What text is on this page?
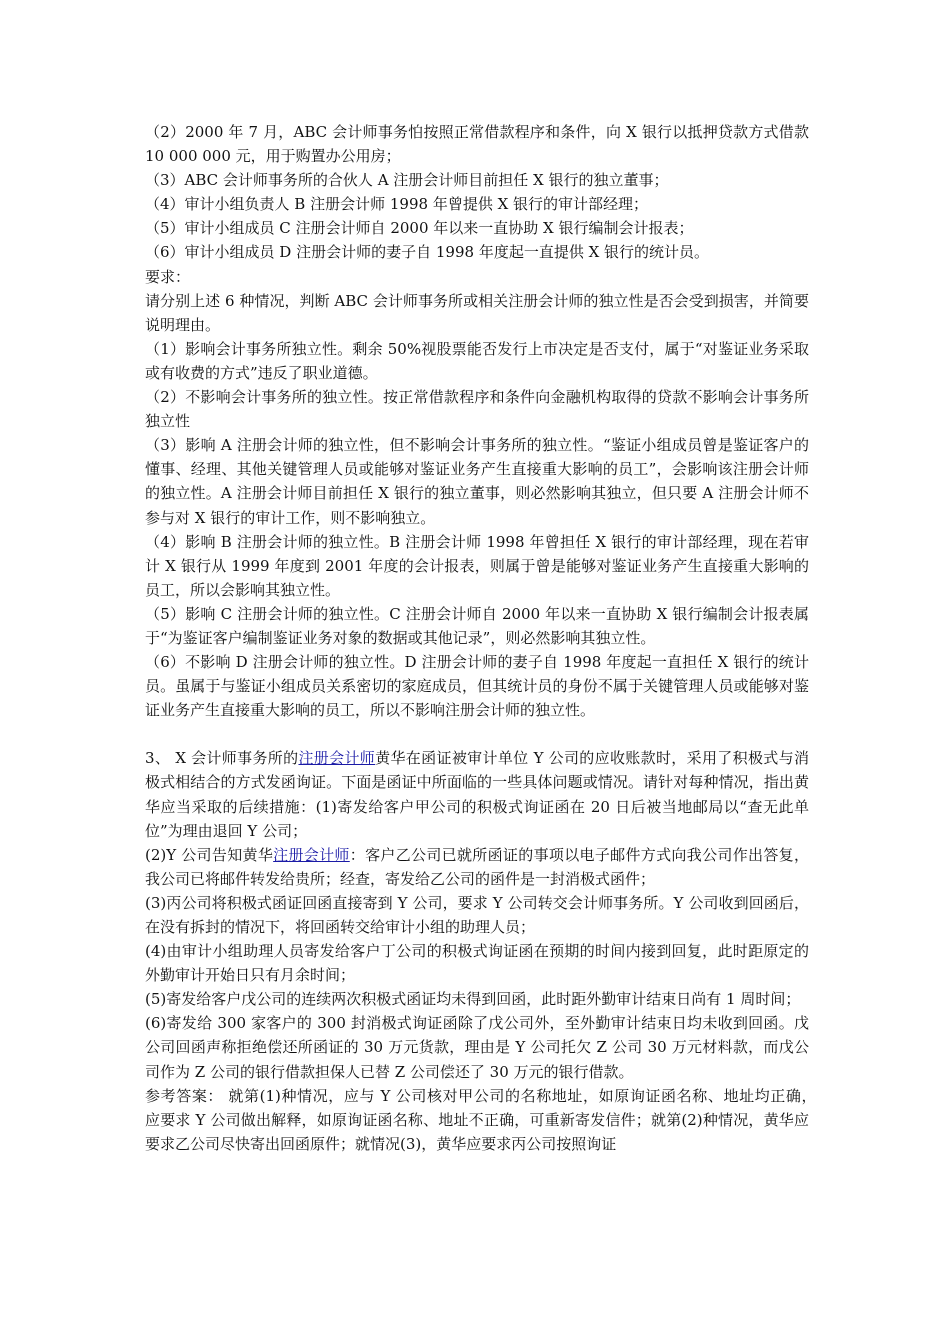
（2）2000 年 7 月，ABC 会计师事务怕按照正常借款程序和条件，向 X 银行以抵押贷款方式借款 10 000 000 元，用于购置办公用房；

（3）ABC 会计师事务所的合伙人 A 注册会计师目前担任 X 银行的独立董事；

（4）审计小组负责人 B 注册会计师 1998 年曾提供 X 银行的审计部经理；

（5）审计小组成员 C 注册会计师自 2000 年以来一直协助 X 银行编制会计报表；

（6）审计小组成员 D 注册会计师的妻子自 1998 年度起一直提供 X 银行的统计员。

要求：

请分别上述 6 种情况，判断 ABC 会计师事务所或相关注册会计师的独立性是否会受到损害，并简要说明理由。

（1）影响会计事务所独立性。剩余 50%视股票能否发行上市决定是否支付，属于“对鉴证业务采取或有收费的方式”违反了职业道德。

（2）不影响会计事务所的独立性。按正常借款程序和条件向金融机构取得的贷款不影响会计事务所独立性

（3）影响 A 注册会计师的独立性，但不影响会计事务所的独立性。“鉴证小组成员曾是鉴证客户的懂事、经理、其他关键管理人员或能够对鉴证业务产生直接重大影响的员工”，会影响该注册会计师的独立性。A 注册会计师目前担任 X 银行的独立董事，则必然影响其独立，但只要 A 注册会计师不参与对 X 银行的审计工作，则不影响独立。

（4）影响 B 注册会计师的独立性。B 注册会计师 1998 年曾担任 X 银行的审计部经理，现在若审计 X 银行从 1999 年度到 2001 年度的会计报表，则属于曾是能够对鉴证业务产生直接重大影响的员工，所以会影响其独立性。

（5）影响 C 注册会计师的独立性。C 注册会计师自 2000 年以来一直协助 X 银行编制会计报表属于“为鉴证客户编制鉴证业务对象的数据或其他记录”，则必然影响其独立性。

（6）不影响 D 注册会计师的独立性。D 注册会计师的妻子自 1998 年度起一直担任 X 银行的统计员。虽属于与鉴证小组成员关系密切的家庭成员，但其统计员的身份不属于关键管理人员或能够对鉴证业务产生直接重大影响的员工，所以不影响注册会计师的独立性。

3、 X 会计师事务所的注册会计师黄华在函证被审计单位 Y 公司的应收账款时，采用了积极式与消极式相结合的方式发函询证。下面是函证中所面临的一些具体问题或情况。请针对每种情况，指出黄华应当采取的后续措施：(1)寄发给客户甲公司的积极式询证函在 20 日后被当地邮局以“查无此单位”为理由退回 Y 公司；

(2)Y 公司告知黄华注册会计师：客户乙公司已就所函证的事项以电子邮件方式向我公司作出答复，我公司已将邮件转发给贵所；经查，寄发给乙公司的函件是一封消极式函件；

(3)丙公司将积极式函证回函直接寄到 Y 公司，要求 Y 公司转交会计师事务所。Y 公司收到回函后，在没有拆封的情况下，将回函转交给审计小组的助理人员；

(4)由审计小组助理人员寄发给客户丁公司的积极式询证函在预期的时间内接到回复，此时距原定的外勤审计开始日只有月余时间；

(5)寄发给客户戊公司的连续两次积极式函证均未得到回函，此时距外勤审计结束日尚有 1 周时间；

(6)寄发给 300 家客户的 300 封消极式询证函除了戊公司外，至外勤审计结束日均未收到回函。戊公司回函声称拒绝偿还所函证的 30 万元货款，理由是 Y 公司托欠 Z 公司 30 万元材料款，而戊公司作为 Z 公司的银行借款担保人已替 Z 公司偿还了 30 万元的银行借款。

参考答案： 就第(1)种情况，应与 Y 公司核对甲公司的名称地址，如原询证函名称、地址均正确，　应要求 Y 公司做出解释，如原询证函名称、地址不正确，可重新寄发信件；就第(2)种情况，黄华应要求乙公司尽快寄出回函原件；就情况(3)，黄华应要求丙公司按照询证
